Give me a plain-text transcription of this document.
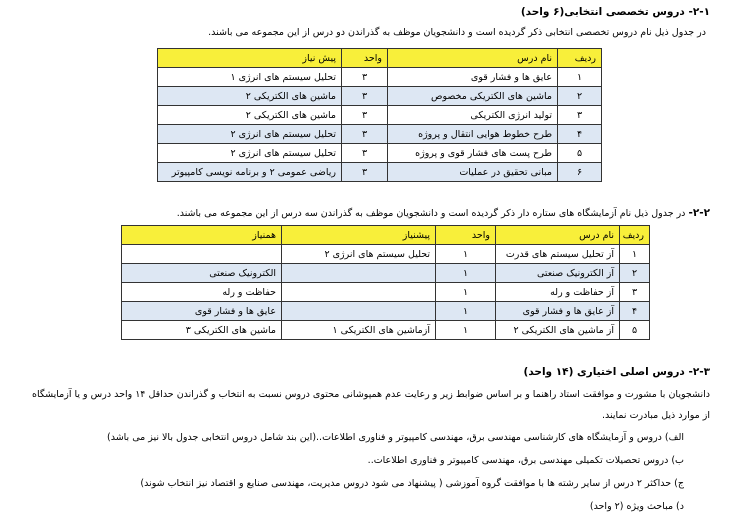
۲-۱- دروس تخصصی انتخابی(۶ واحد)
در جدول ذیل نام دروس تخصصی انتخابی ذکر گردیده است و دانشجویان موظف به گذراندن دو درس از این مجموعه می باشند.
ردیف	نام درس	واحد	پیش نیاز
۱	عایق ها و فشار قوی	۳	تحلیل سیستم های انرژی ۱
۲	ماشین های الکتریکی مخصوص	۳	ماشین های الکتریکی ۲
۳	تولید انرژی الکتریکی	۳	ماشین های الکتریکی ۲
۴	طرح خطوط هوایی انتقال و پروژه	۳	تحلیل سیستم های انرژی ۲
۵	طرح پست های فشار قوی و پروژه	۳	تحلیل سیستم های انرژی ۲
۶	مبانی تحقیق در عملیات	۳	ریاضی عمومی ۲ و برنامه نویسی کامپیوتر
۲-۲- در جدول ذیل نام آزمایشگاه های ستاره دار ذکر گردیده است و دانشجویان موظف به گذراندن سه درس از این مجموعه می باشند.
ردیف	نام درس	واحد	پیشنیاز	همنیاز
۱	آز تحلیل سیستم های قدرت	۱	تحلیل سیستم های انرژی ۲	
۲	آز الکترونیک صنعتی	۱		الکترونیک صنعتی
۳	آز حفاظت و رله	۱		حفاظت و رله
۴	آز عایق ها و فشار قوی	۱		عایق ها و فشار قوی
۵	آز ماشین های الکتریکی ۲	۱	آزماشین های الکتریکی ۱	ماشین های الکتریکی ۳
۲-۳- دروس اصلی اختیاری (۱۴ واحد)
دانشجویان با مشورت و موافقت استاد راهنما و بر اساس ضوابط زیر و رعایت عدم همپوشانی محتوی دروس نسبت به انتخاب و گذراندن حداقل ۱۴ واحد درس و یا آزمایشگاه
از موارد ذیل مبادرت نمایند.
الف) دروس و آزمایشگاه های کارشناسی مهندسی برق، مهندسی کامپیوتر و فناوری اطلاعات..(این بند شامل دروس انتخابی جدول بالا نیز می باشد)
ب) دروس تحصیلات تکمیلی مهندسی برق، مهندسی کامپیوتر و فناوری اطلاعات..
ج) حداکثر ۲ درس از سایر رشته ها با موافقت گروه آموزشی ( پیشنهاد می شود دروس مدیریت، مهندسی صنایع و اقتصاد نیز انتخاب شوند)
د) مباحث ویژه (۲ واحد)
